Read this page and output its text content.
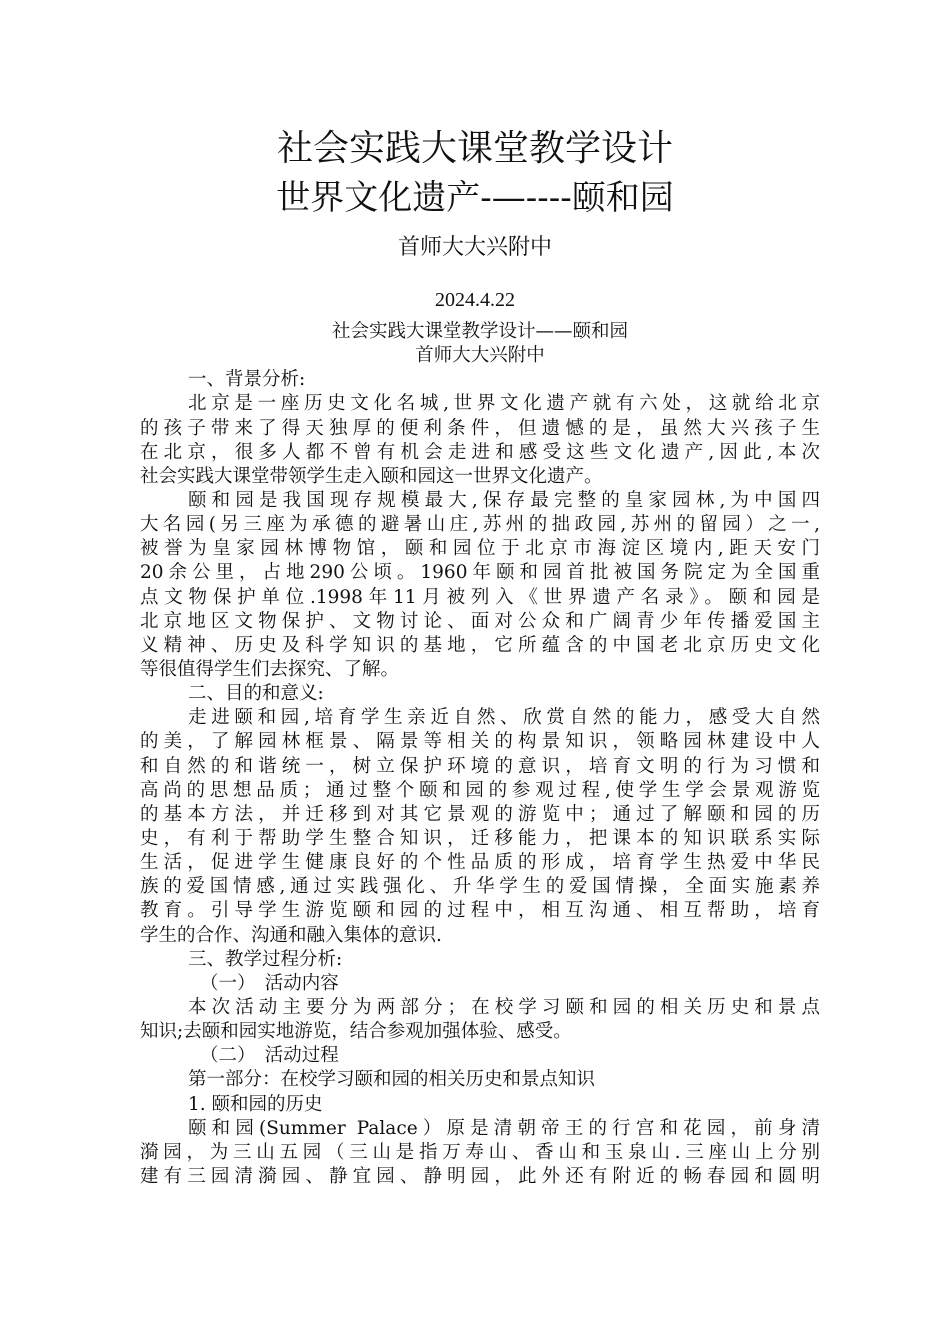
社会实践大课堂教学设计
世界文化遗产-—----颐和园
首师大大兴附中
2024.4.22
社会实践大课堂教学设计——颐和园
首师大大兴附中
一、背景分析:
北京是一座历史文化名城,世界文化遗产就有六处，这就给北京
的孩子带来了得天独厚的便利条件，但遗憾的是，虽然大兴孩子生
在北京，很多人都不曾有机会走进和感受这些文化遗产,因此,本次
社会实践大课堂带领学生走入颐和园这一世界文化遗产。
颐和园是我国现存规模最大,保存最完整的皇家园林,为中国四
大名园(另三座为承德的避暑山庄,苏州的拙政园,苏州的留园）之一,
被誉为皇家园林博物馆，颐和园位于北京市海淀区境内,距天安门
20余公里，占地290公顷。1960年颐和园首批被国务院定为全国重
点文物保护单位.1998年11月被列入《世界遗产名录》。颐和园是
北京地区文物保护、文物讨论、面对公众和广阔青少年传播爱国主
义精神、历史及科学知识的基地，它所蕴含的中国老北京历史文化
等很值得学生们去探究、了解。
二、目的和意义:
走进颐和园,培育学生亲近自然、欣赏自然的能力，感受大自然
的美，了解园林框景、隔景等相关的构景知识，领略园林建设中人
和自然的和谐统一，树立保护环境的意识，培育文明的行为习惯和
高尚的思想品质；通过整个颐和园的参观过程,使学生学会景观游览
的基本方法，并迁移到对其它景观的游览中；通过了解颐和园的历
史，有利于帮助学生整合知识，迁移能力，把课本的知识联系实际
生活，促进学生健康良好的个性品质的形成，培育学生热爱中华民
族的爱国情感,通过实践强化、升华学生的爱国情操，全面实施素养
教育。引导学生游览颐和园的过程中，相互沟通、相互帮助，培育
学生的合作、沟通和融入集体的意识.
三、教学过程分析:
（一）　活动内容
本次活动主要分为两部分；在校学习颐和园的相关历史和景点
知识;去颐和园实地游览，结合参观加强体验、感受。
（二）　活动过程
第一部分：在校学习颐和园的相关历史和景点知识
1. 颐和园的历史
颐和园(Summer Palace）原是清朝帝王的行宫和花园，前身清
漪园，为三山五园（三山是指万寿山、香山和玉泉山.三座山上分别
建有三园清漪园、静宜园、静明园，此外还有附近的畅春园和圆明
